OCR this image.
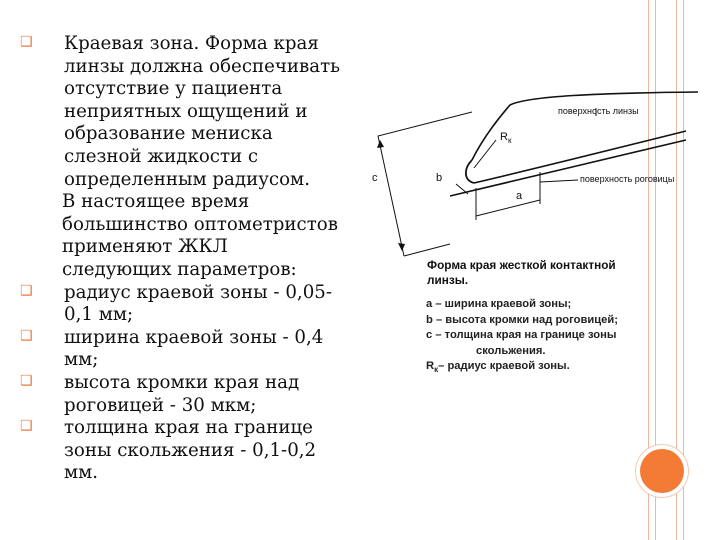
❑ Краевая зона. Форма края
линзы должна обеспечивать
отсутствие у пациента
неприятных ощущений и
образование мениска
слезной жидкости с
определенным радиусом.

В настоящее время
большинство оптометристов
применяют ЖКЛ
следующих параметров:

❑ радиус краевой зоны - 0,05-
0,1 мм;

❑ ширина краевой зоны - 0,4
мм;

❑ высота кромки края над
роговицей - 30 мкм;

❑ толщина края на границе
зоны скольжения - 0,1-0,2
мм.

поверхность линзы
поверхность роговицы
c	b
a
$R_к$
Форма края жесткой контактной
линзы.
а – ширина краевой зоны;
b – высота кромки над роговицей;
с – толщина края на границе зоны
скольжения.
$R_к-$ радиус краевой зоны.
